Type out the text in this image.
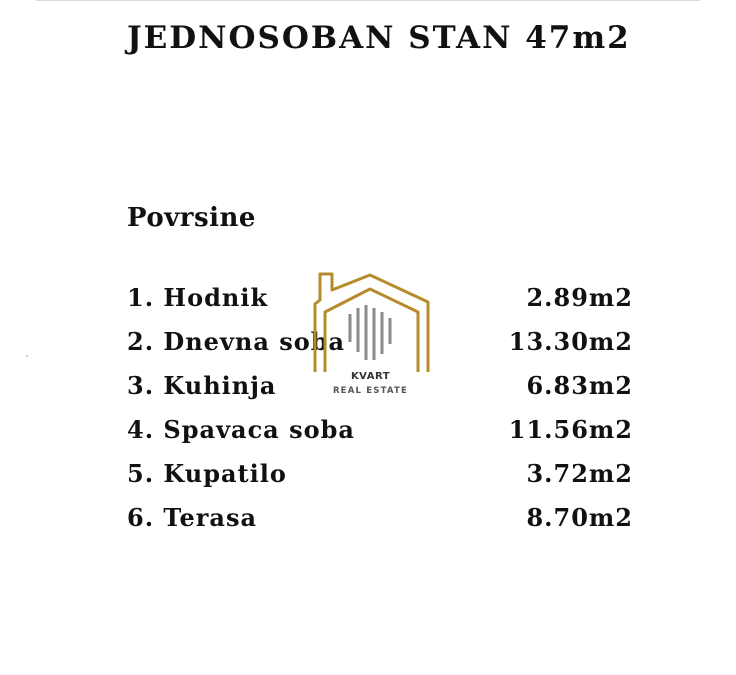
JEDNOSOBAN STAN 47m2
Povrsine
1. Hodnik	2.89m2
2. Dnevna soba	13.30m2
3. Kuhinja	6.83m2
4. Spavaca soba	11.56m2
5. Kupatilo	3.72m2
6. Terasa	8.70m2
KVART
REAL ESTATE
